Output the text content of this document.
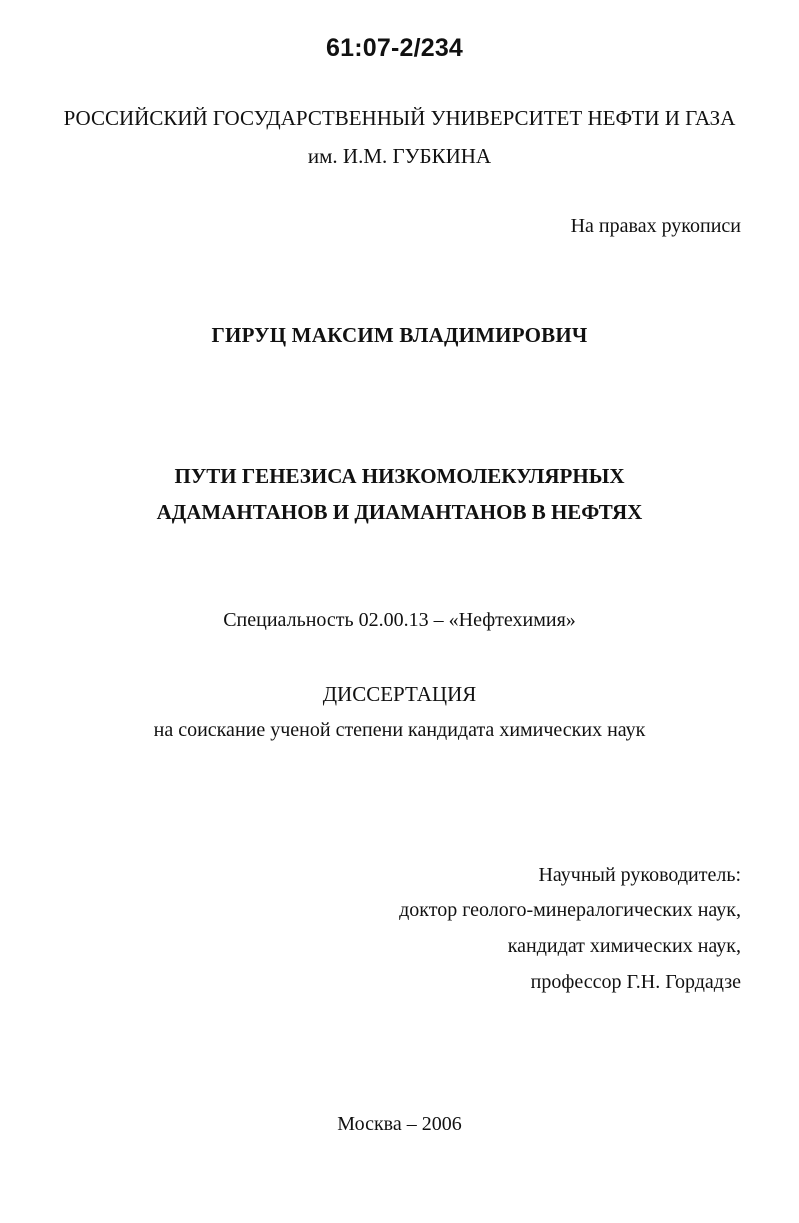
61:07-2/234
РОССИЙСКИЙ ГОСУДАРСТВЕННЫЙ УНИВЕРСИТЕТ НЕФТИ И ГАЗА
им. И.М. ГУБКИНА
На правах рукописи
ГИРУЦ МАКСИМ ВЛАДИМИРОВИЧ
ПУТИ ГЕНЕЗИСА НИЗКОМОЛЕКУЛЯРНЫХ
АДАМАНТАНОВ И ДИАМАНТАНОВ В НЕФТЯХ
Специальность 02.00.13 – «Нефтехимия»
ДИССЕРТАЦИЯ
на соискание ученой степени кандидата химических наук
Научный руководитель:
доктор геолого-минералогических наук,
кандидат химических наук,
профессор Г.Н. Гордадзе
Москва – 2006
